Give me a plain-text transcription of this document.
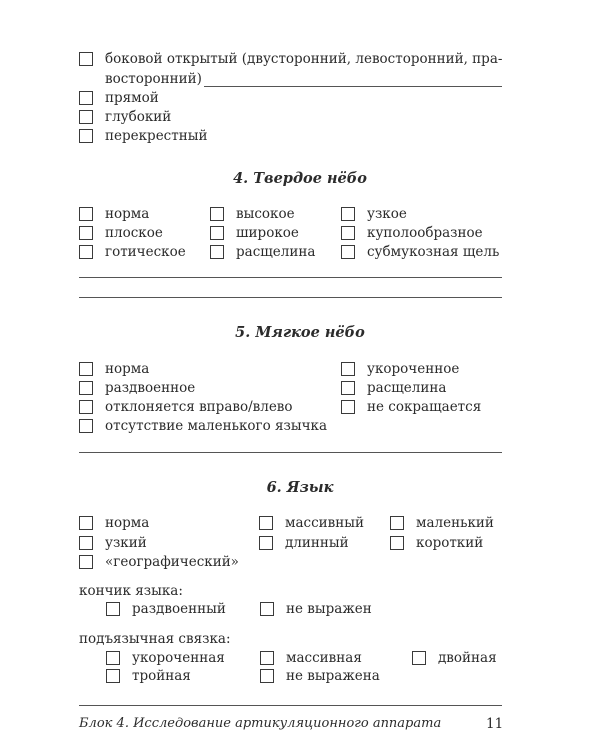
боковой открытый (двусторонний, левосторонний, пра-
восторонний)
прямой
глубокий
перекрестный
4. Твердое нёбо
норма
плоское
готическое
высокое
широкое
расщелина
узкое
куполообразное
субмукозная щель
5. Мягкое нёбо
норма
раздвоенное
отклоняется вправо/влево
отсутствие маленького язычка
укороченное
расщелина
не сокращается
6. Язык
норма
узкий
«географический»
массивный
длинный
маленький
короткий
кончик языка:
раздвоенный	не выражен
подъязычная связка:
укороченная
тройная
массивная
не выражена
двойная
Блок 4. Исследование артикуляционного аппарата	11
